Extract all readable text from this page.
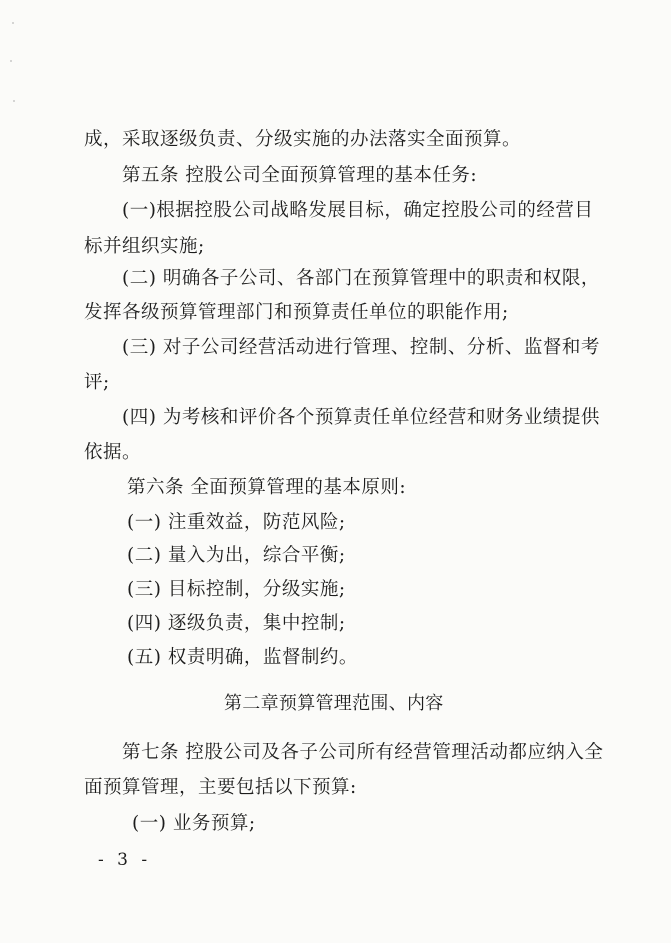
成，采取逐级负责、分级实施的办法落实全面预算。
第五条 控股公司全面预算管理的基本任务:
(一)根据控股公司战略发展目标，确定控股公司的经营目
标并组织实施;
(二) 明确各子公司、各部门在预算管理中的职责和权限，
发挥各级预算管理部门和预算责任单位的职能作用;
(三) 对子公司经营活动进行管理、控制、分析、监督和考
评;
(四) 为考核和评价各个预算责任单位经营和财务业绩提供
依据。
第六条 全面预算管理的基本原则:
(一) 注重效益，防范风险;
(二) 量入为出，综合平衡;
(三) 目标控制，分级实施;
(四) 逐级负责，集中控制;
(五) 权责明确，监督制约。
第二章预算管理范围、内容
第七条 控股公司及各子公司所有经营管理活动都应纳入全
面预算管理，主要包括以下预算:
(一) 业务预算;
- 3 -
